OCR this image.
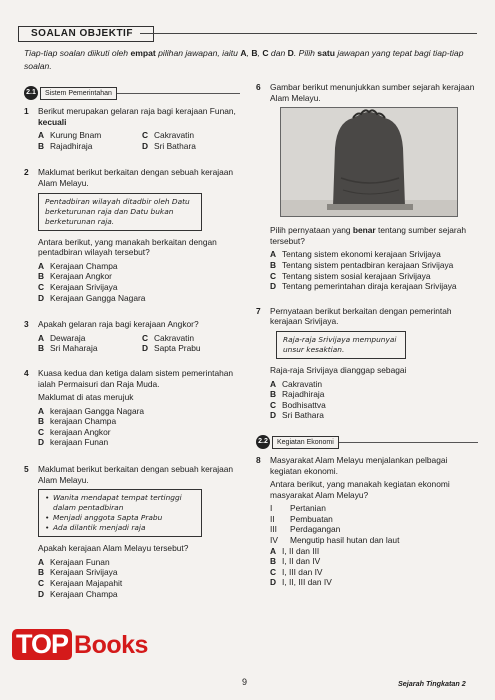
SOALAN OBJEKTIF
Tiap-tiap soalan diikuti oleh empat pilihan jawapan, iaitu A, B, C dan D. Pilih satu jawapan yang tepat bagi tiap-tiap soalan.
2.1	Sistem Pemerintahan
1 Berikut merupakan gelaran raja bagi kerajaan Funan, kecuali

A Kurung Bnam	C Cakravatin
B Rajadhiraja	D Sri Bathara
2 Maklumat berikut berkaitan dengan sebuah kerajaan Alam Melayu.

Pentadbiran wilayah ditadbir oleh Datu berketurunan raja dan Datu bukan berketurunan raja.

Antara berikut, yang manakah berkaitan dengan pentadbiran wilayah tersebut?

A Kerajaan Champa
B Kerajaan Angkor
C Kerajaan Srivijaya
D Kerajaan Gangga Nagara
3 Apakah gelaran raja bagi kerajaan Angkor?

A Dewaraja	C Cakravatin
B Sri Maharaja	D Sapta Prabu
4 Kuasa kedua dan ketiga dalam sistem pemerintahan ialah Permaisuri dan Raja Muda.

Maklumat di atas merujuk

A kerajaan Gangga Nagara
B kerajaan Champa
C kerajaan Angkor
D kerajaan Funan
5 Maklumat berikut berkaitan dengan sebuah kerajaan Alam Melayu.

• Wanita mendapat tempat tertinggi dalam pentadbiran
• Menjadi anggota Sapta Prabu
• Ada dilantik menjadi raja

Apakah kerajaan Alam Melayu tersebut?

A Kerajaan Funan
B Kerajaan Srivijaya
C Kerajaan Majapahit
D Kerajaan Champa
6 Gambar berikut menunjukkan sumber sejarah kerajaan Alam Melayu.

Pilih pernyataan yang benar tentang sumber sejarah tersebut?

A Tentang sistem ekonomi kerajaan Srivijaya
B Tentang sistem pentadbiran kerajaan Srivijaya
C Tentang sistem sosial kerajaan Srivijaya
D Tentang pemerintahan diraja kerajaan Srivijaya
7 Pernyataan berikut berkaitan dengan pemerintah kerajaan Srivijaya.

Raja-raja Srivijaya mempunyai unsur kesaktian.

Raja-raja Srivijaya dianggap sebagai

A Cakravatin
B Rajadhiraja
C Bodhisattva
D Sri Bathara
2.2	Kegiatan Ekonomi
8 Masyarakat Alam Melayu menjalankan pelbagai kegiatan ekonomi.

Antara berikut, yang manakah kegiatan ekonomi masyarakat Alam Melayu?

I	Pertanian
II	Pembuatan
III	Perdagangan
IV	Mengutip hasil hutan dan laut
A I, II dan III
B I, II dan IV
C I, III dan IV
D I, II, III dan IV
9	Sejarah Tingkatan 2
TOP Books
